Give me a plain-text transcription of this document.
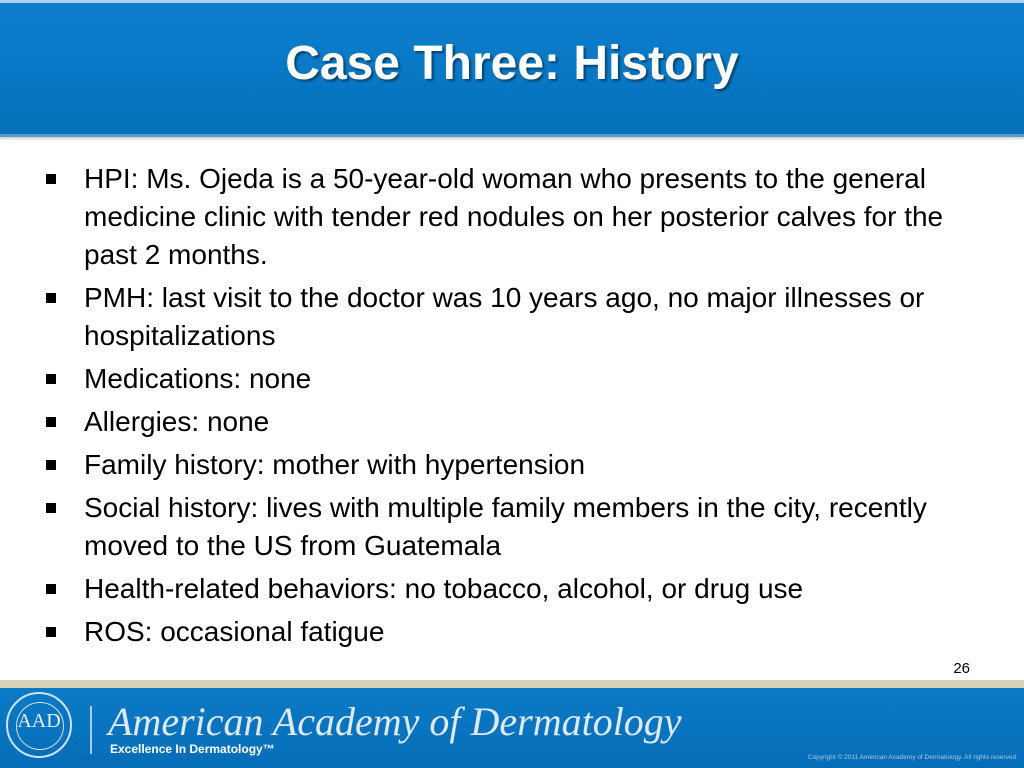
Case Three: History
HPI: Ms. Ojeda is a 50-year-old woman who presents to the general medicine clinic with tender red nodules on her posterior calves for the past 2 months.
PMH: last visit to the doctor was 10 years ago, no major illnesses or hospitalizations
Medications: none
Allergies: none
Family history: mother with hypertension
Social history: lives with multiple family members in the city, recently moved to the US from Guatemala
Health-related behaviors: no tobacco, alcohol, or drug use
ROS: occasional fatigue
26
AAD American Academy of Dermatology
Excellence In Dermatology™
Copyright © 2011 American Academy of Dermatology. All rights reserved.
